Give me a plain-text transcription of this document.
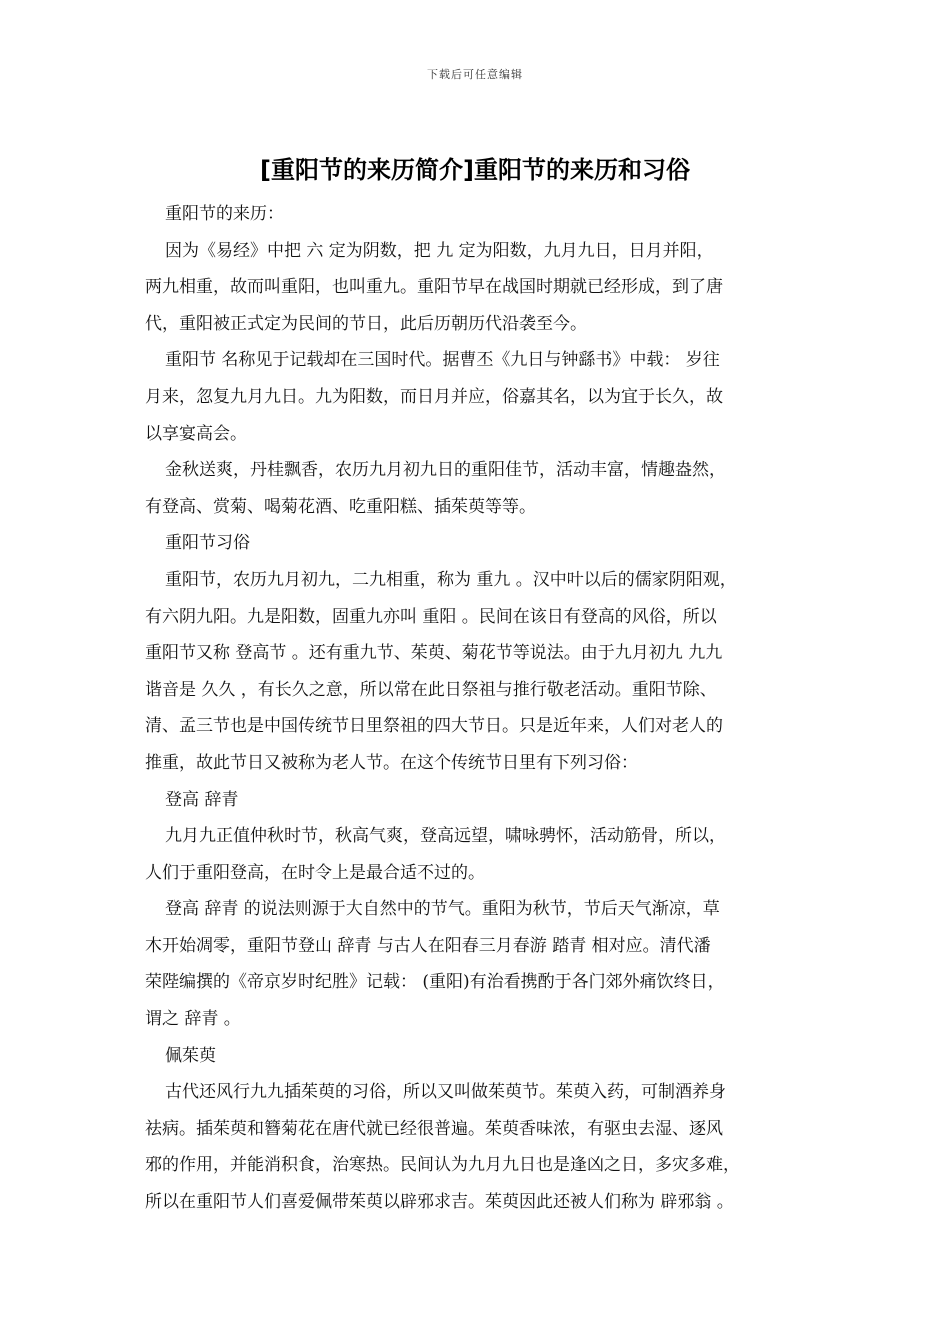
下载后可任意编辑
[重阳节的来历简介]重阳节的来历和习俗
重阳节的来历：
因为《易经》中把 六 定为阴数，把 九 定为阳数，九月九日，日月并阳，
两九相重，故而叫重阳，也叫重九。重阳节早在战国时期就已经形成，到了唐
代，重阳被正式定为民间的节日，此后历朝历代沿袭至今。
重阳节 名称见于记载却在三国时代。据曹丕《九日与钟繇书》中载： 岁往
月来，忽复九月九日。九为阳数，而日月并应，俗嘉其名，以为宜于长久，故
以享宴高会。
金秋送爽，丹桂飘香，农历九月初九日的重阳佳节，活动丰富，情趣盎然，
有登高、赏菊、喝菊花酒、吃重阳糕、插茱萸等等。
重阳节习俗
重阳节，农历九月初九，二九相重，称为 重九 。汉中叶以后的儒家阴阳观，
有六阴九阳。九是阳数，固重九亦叫 重阳 。民间在该日有登高的风俗，所以
重阳节又称 登高节 。还有重九节、茱萸、菊花节等说法。由于九月初九 九九
谐音是 久久 ，有长久之意，所以常在此日祭祖与推行敬老活动。重阳节除、
清、孟三节也是中国传统节日里祭祖的四大节日。只是近年来，人们对老人的
推重，故此节日又被称为老人节。在这个传统节日里有下列习俗：
登高 辞青
九月九正值仲秋时节，秋高气爽，登高远望，啸咏骋怀，活动筋骨，所以，
人们于重阳登高，在时令上是最合适不过的。
登高 辞青 的说法则源于大自然中的节气。重阳为秋节，节后天气渐凉，草
木开始凋零，重阳节登山 辞青 与古人在阳春三月春游 踏青 相对应。清代潘
荣陛编撰的《帝京岁时纪胜》记载： (重阳)有治看携酌于各门郊外痛饮终日，
谓之 辞青 。
佩茱萸
古代还风行九九插茱萸的习俗，所以又叫做茱萸节。茱萸入药，可制酒养身
祛病。插茱萸和簪菊花在唐代就已经很普遍。茱萸香味浓，有驱虫去湿、逐风
邪的作用，并能消积食，治寒热。民间认为九月九日也是逢凶之日，多灾多难，
所以在重阳节人们喜爱佩带茱萸以辟邪求吉。茱萸因此还被人们称为 辟邪翁 。
